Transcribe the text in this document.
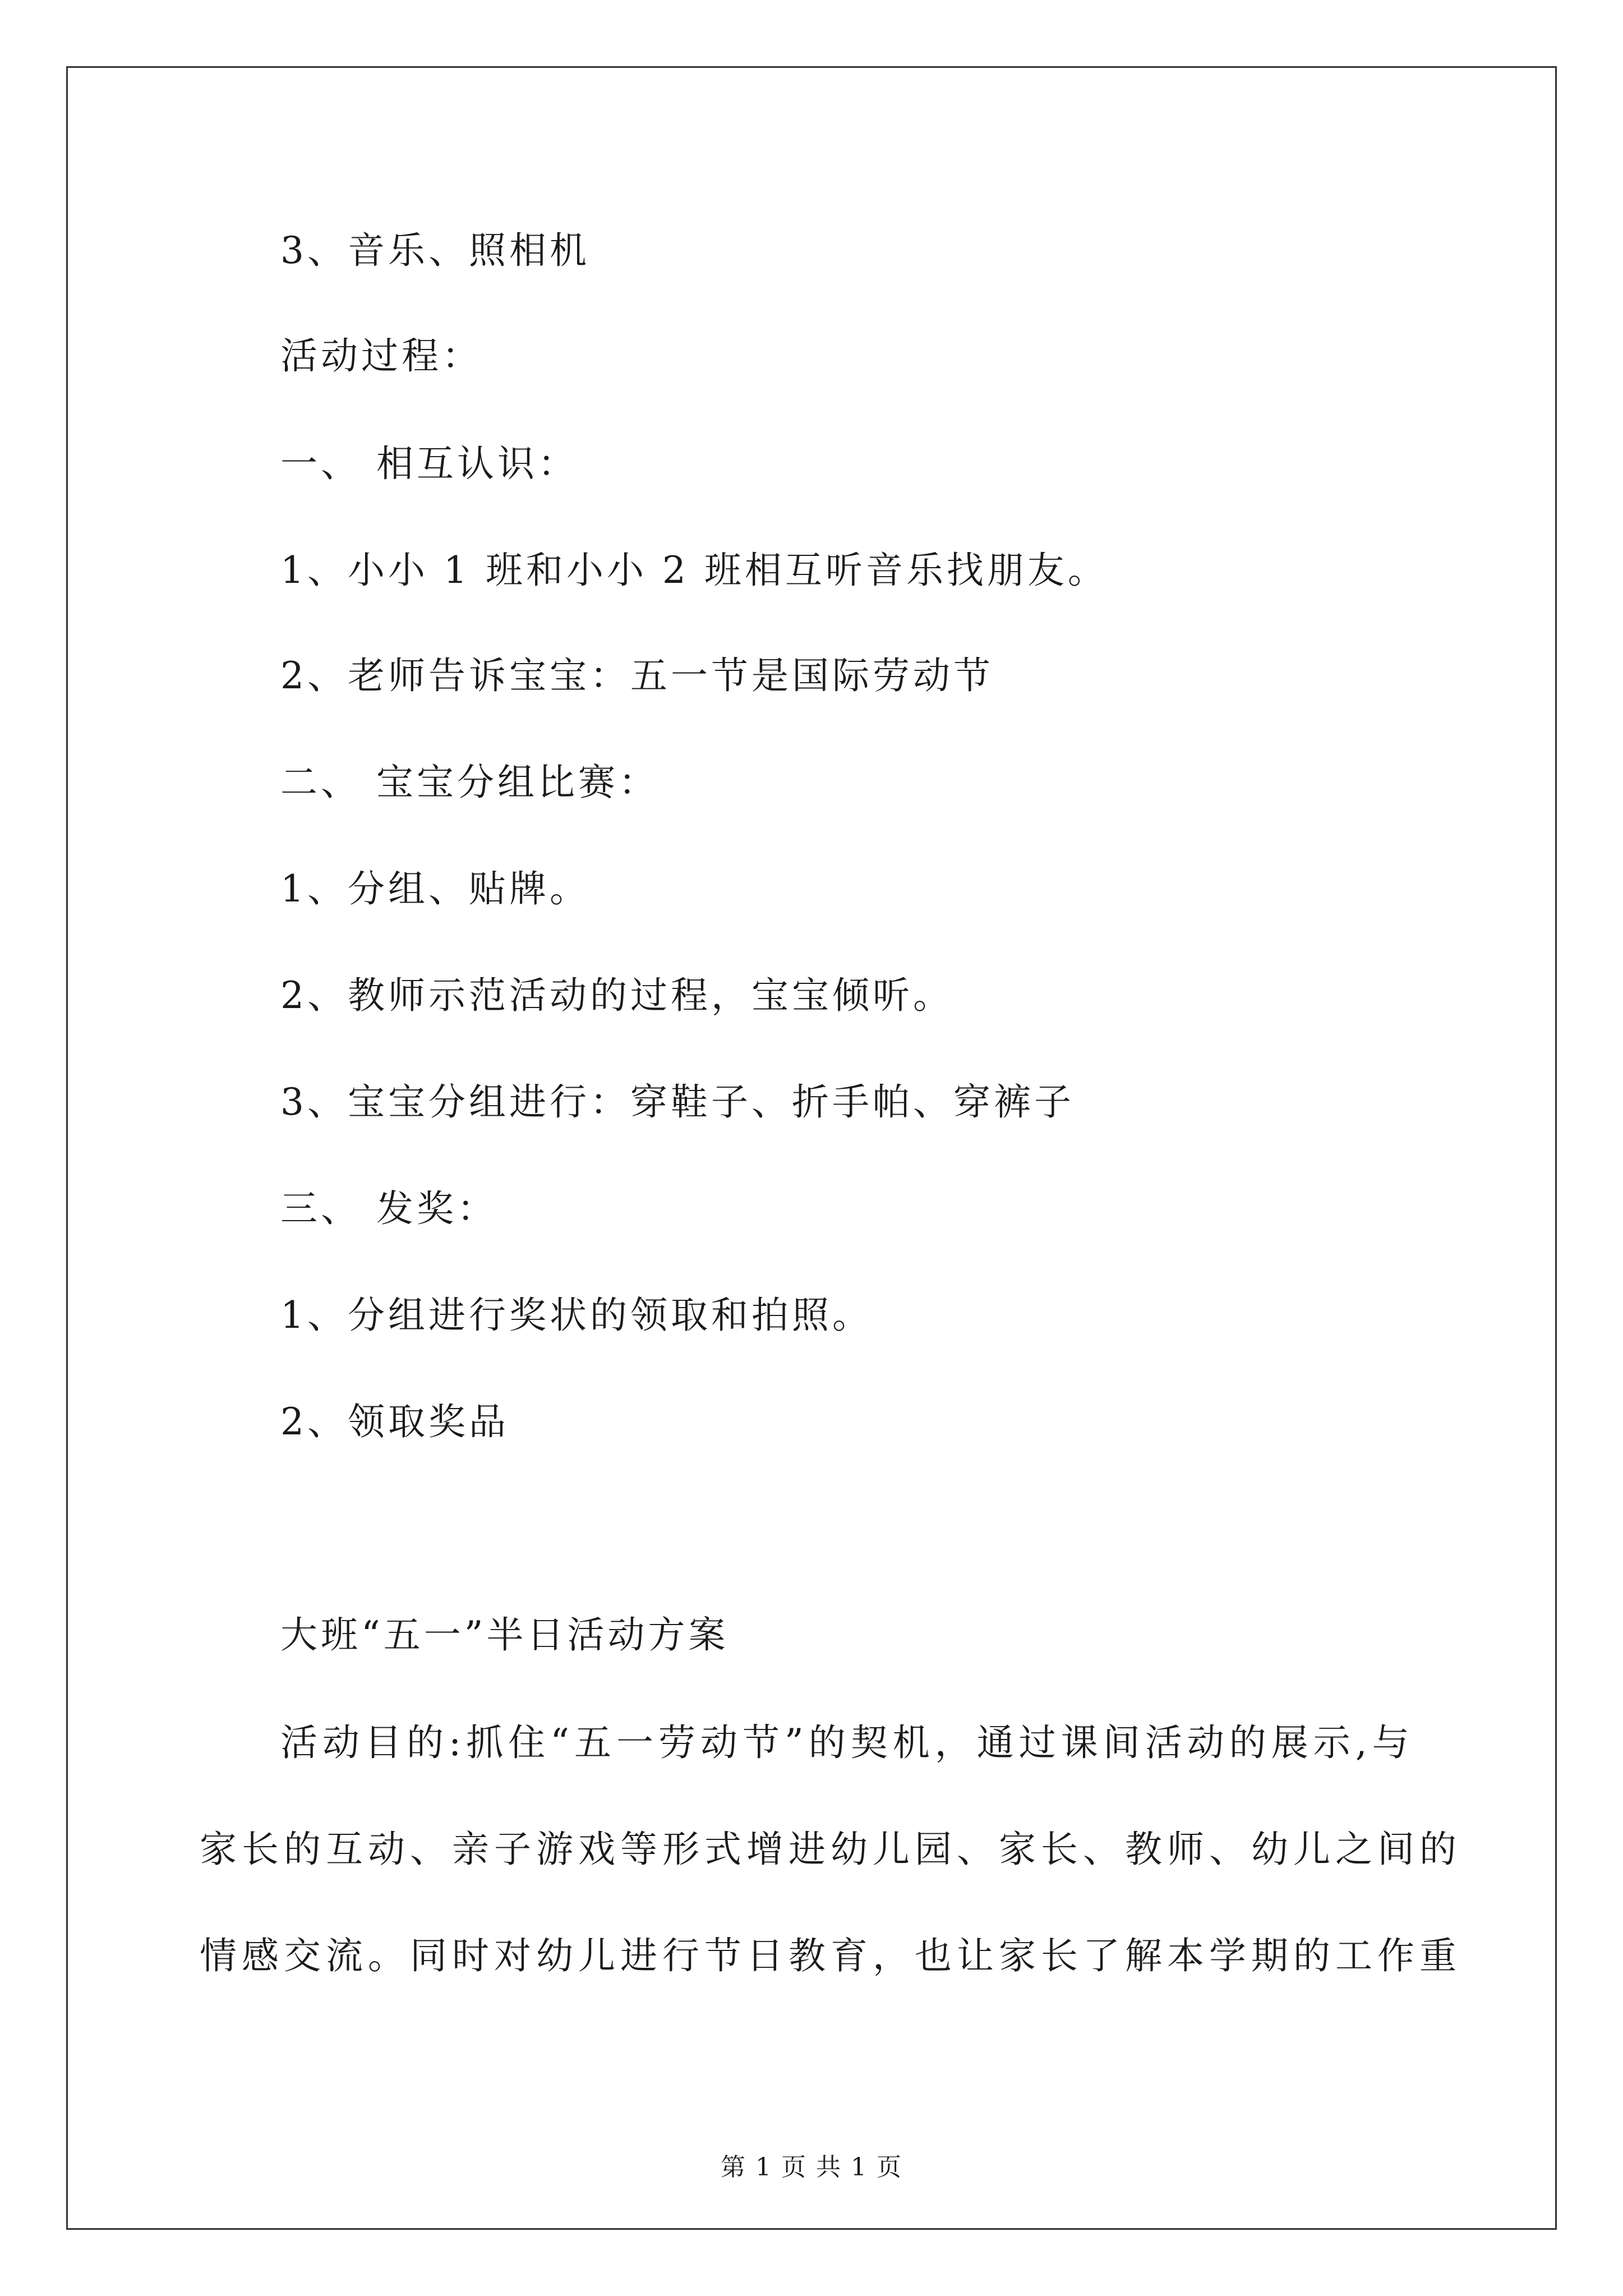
3、音乐、照相机
活动过程：
一、 相互认识：
1、小小 1 班和小小 2 班相互听音乐找朋友。
2、老师告诉宝宝：五一节是国际劳动节
二、 宝宝分组比赛：
1、分组、贴牌。
2、教师示范活动的过程，宝宝倾听。
3、宝宝分组进行：穿鞋子、折手帕、穿裤子
三、 发奖：
1、分组进行奖状的领取和拍照。
2、领取奖品
大班“五一”半日活动方案
活动目的:抓住“五一劳动节”的契机，通过课间活动的展示,与
家长的互动、亲子游戏等形式增进幼儿园、家长、教师、幼儿之间的
情感交流。同时对幼儿进行节日教育，也让家长了解本学期的工作重
第 1 页 共 1 页
